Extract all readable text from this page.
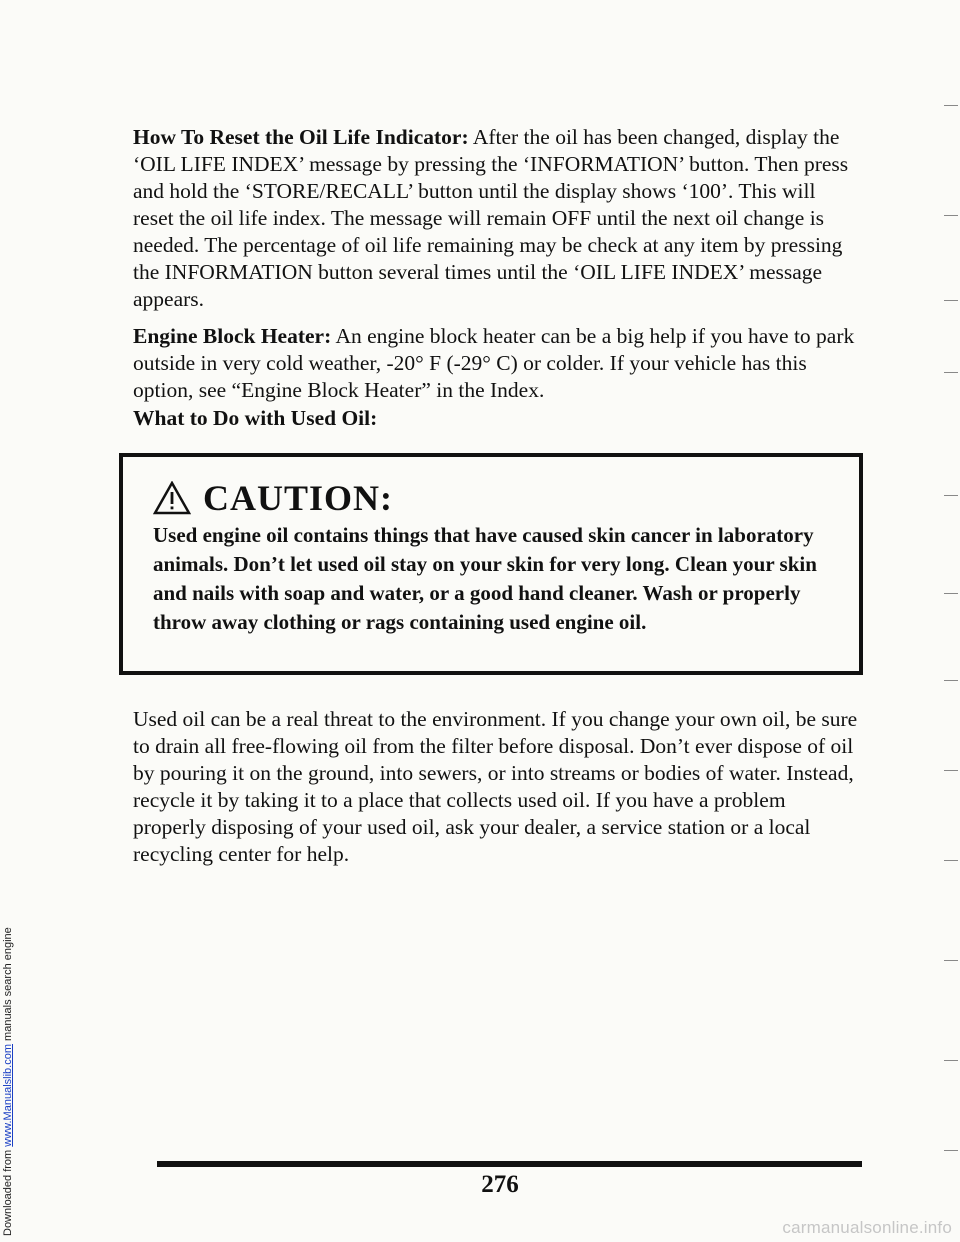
Downloaded from www.Manualslib.com manuals search engine

How To Reset the Oil Life Indicator: After the oil has been changed, display the ‘OIL LIFE INDEX’ message by pressing the ‘INFORMATION’ button. Then press and hold the ‘STORE/RECALL’ button until the display shows ‘100’. This will reset the oil life index. The message will remain OFF until the next oil change is needed. The percentage of oil life remaining may be check at any item by pressing the INFORMATION button several times until the ‘OIL LIFE INDEX’ message appears.

Engine Block Heater: An engine block heater can be a big help if you have to park outside in very cold weather, -20° F (-29° C) or colder. If your vehicle has this option, see “Engine Block Heater” in the Index.

What to Do with Used Oil:

CAUTION:

Used engine oil contains things that have caused skin cancer in laboratory animals. Don’t let used oil stay on your skin for very long. Clean your skin and nails with soap and water, or a good hand cleaner. Wash or properly throw away clothing or rags containing used engine oil.

Used oil can be a real threat to the environment. If you change your own oil, be sure to drain all free-flowing oil from the filter before disposal. Don’t ever dispose of oil by pouring it on the ground, into sewers, or into streams or bodies of water. Instead, recycle it by taking it to a place that collects used oil. If you have a problem properly disposing of your used oil, ask your dealer, a service station or a local recycling center for help.

276
carmanualsonline.info
